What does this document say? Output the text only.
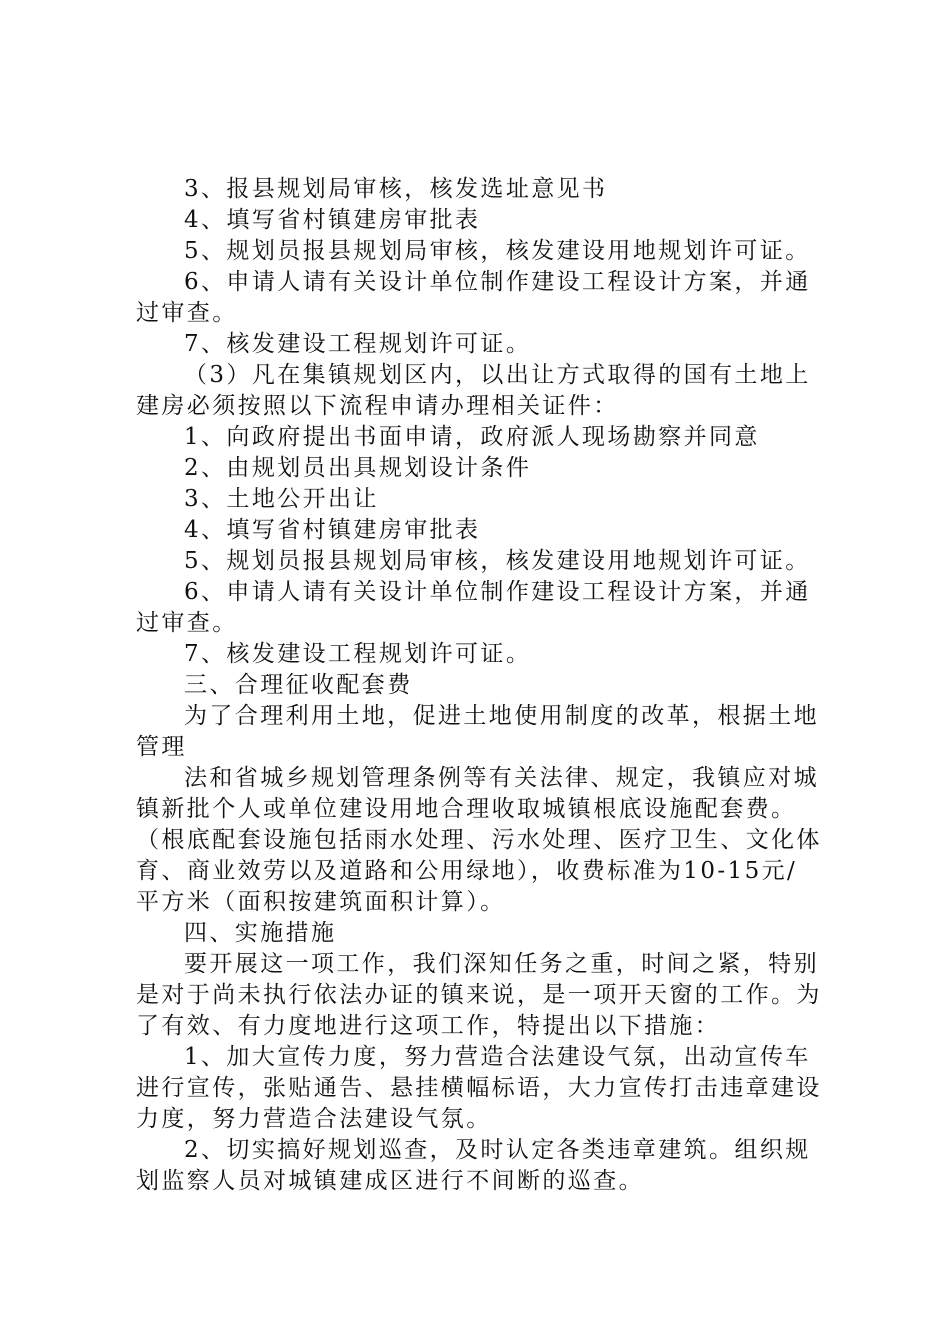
3、报县规划局审核，核发选址意见书
4、填写省村镇建房审批表
5、规划员报县规划局审核，核发建设用地规划许可证。
6、申请人请有关设计单位制作建设工程设计方案，并通
过审查。
7、核发建设工程规划许可证。
（3）凡在集镇规划区内，以出让方式取得的国有土地上
建房必须按照以下流程申请办理相关证件：
1、向政府提出书面申请，政府派人现场勘察并同意
2、由规划员出具规划设计条件
3、土地公开出让
4、填写省村镇建房审批表
5、规划员报县规划局审核，核发建设用地规划许可证。
6、申请人请有关设计单位制作建设工程设计方案，并通
过审查。
7、核发建设工程规划许可证。
三、合理征收配套费
为了合理利用土地，促进土地使用制度的改革，根据土地
管理
法和省城乡规划管理条例等有关法律、规定，我镇应对城
镇新批个人或单位建设用地合理收取城镇根底设施配套费。
（根底配套设施包括雨水处理、污水处理、医疗卫生、文化体
育、商业效劳以及道路和公用绿地），收费标准为10-15元/
平方米（面积按建筑面积计算）。
四、实施措施
要开展这一项工作，我们深知任务之重，时间之紧，特别
是对于尚未执行依法办证的镇来说，是一项开天窗的工作。为
了有效、有力度地进行这项工作，特提出以下措施：
1、加大宣传力度，努力营造合法建设气氛，出动宣传车
进行宣传，张贴通告、悬挂横幅标语，大力宣传打击违章建设
力度，努力营造合法建设气氛。
2、切实搞好规划巡查，及时认定各类违章建筑。组织规
划监察人员对城镇建成区进行不间断的巡查。
